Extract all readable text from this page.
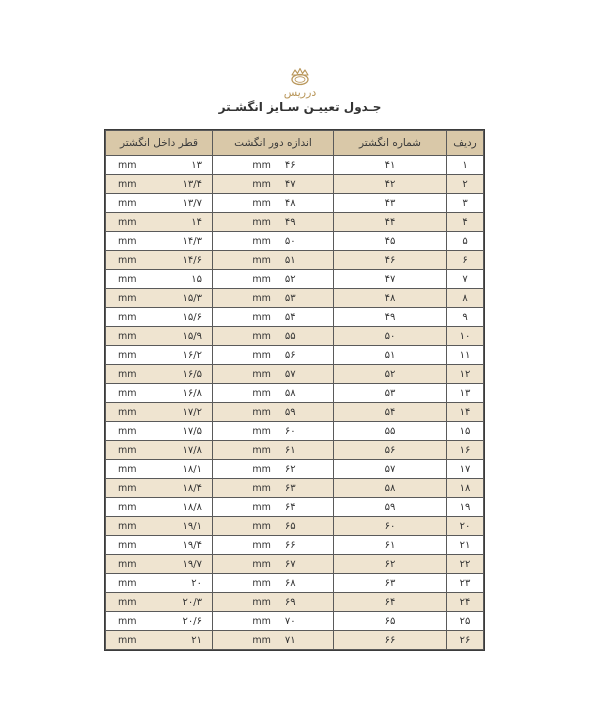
درریس
جـدول تعییـن سـایز انگشـتر
ردیف	شماره انگشتر	اندازه دور انگشت	قطر داخل انگشتر
۱	۴۱	mm ۴۶	mm ۱۳

۲	۴۲	mm ۴۷	mm ۱۳/۴

۳	۴۳	mm ۴۸	mm ۱۳/۷

۴	۴۴	mm ۴۹	mm ۱۴

۵	۴۵	mm ۵۰	mm ۱۴/۳

۶	۴۶	mm ۵۱	mm ۱۴/۶

۷	۴۷	mm ۵۲	mm ۱۵

۸	۴۸	mm ۵۳	mm ۱۵/۳

۹	۴۹	mm ۵۴	mm ۱۵/۶

۱۰	۵۰	mm ۵۵	mm ۱۵/۹

۱۱	۵۱	mm ۵۶	mm ۱۶/۲

۱۲	۵۲	mm ۵۷	mm ۱۶/۵

۱۳	۵۳	mm ۵۸	mm ۱۶/۸

۱۴	۵۴	mm ۵۹	mm ۱۷/۲

۱۵	۵۵	mm ۶۰	mm ۱۷/۵

۱۶	۵۶	mm ۶۱	mm ۱۷/۸

۱۷	۵۷	mm ۶۲	mm ۱۸/۱

۱۸	۵۸	mm ۶۳	mm ۱۸/۴

۱۹	۵۹	mm ۶۴	mm ۱۸/۸

۲۰	۶۰	mm ۶۵	mm ۱۹/۱

۲۱	۶۱	mm ۶۶	mm ۱۹/۴

۲۲	۶۲	mm ۶۷	mm ۱۹/۷

۲۳	۶۳	mm ۶۸	mm ۲۰

۲۴	۶۴	mm ۶۹	mm ۲۰/۳

۲۵	۶۵	mm ۷۰	mm ۲۰/۶

۲۶	۶۶	mm ۷۱	mm ۲۱
